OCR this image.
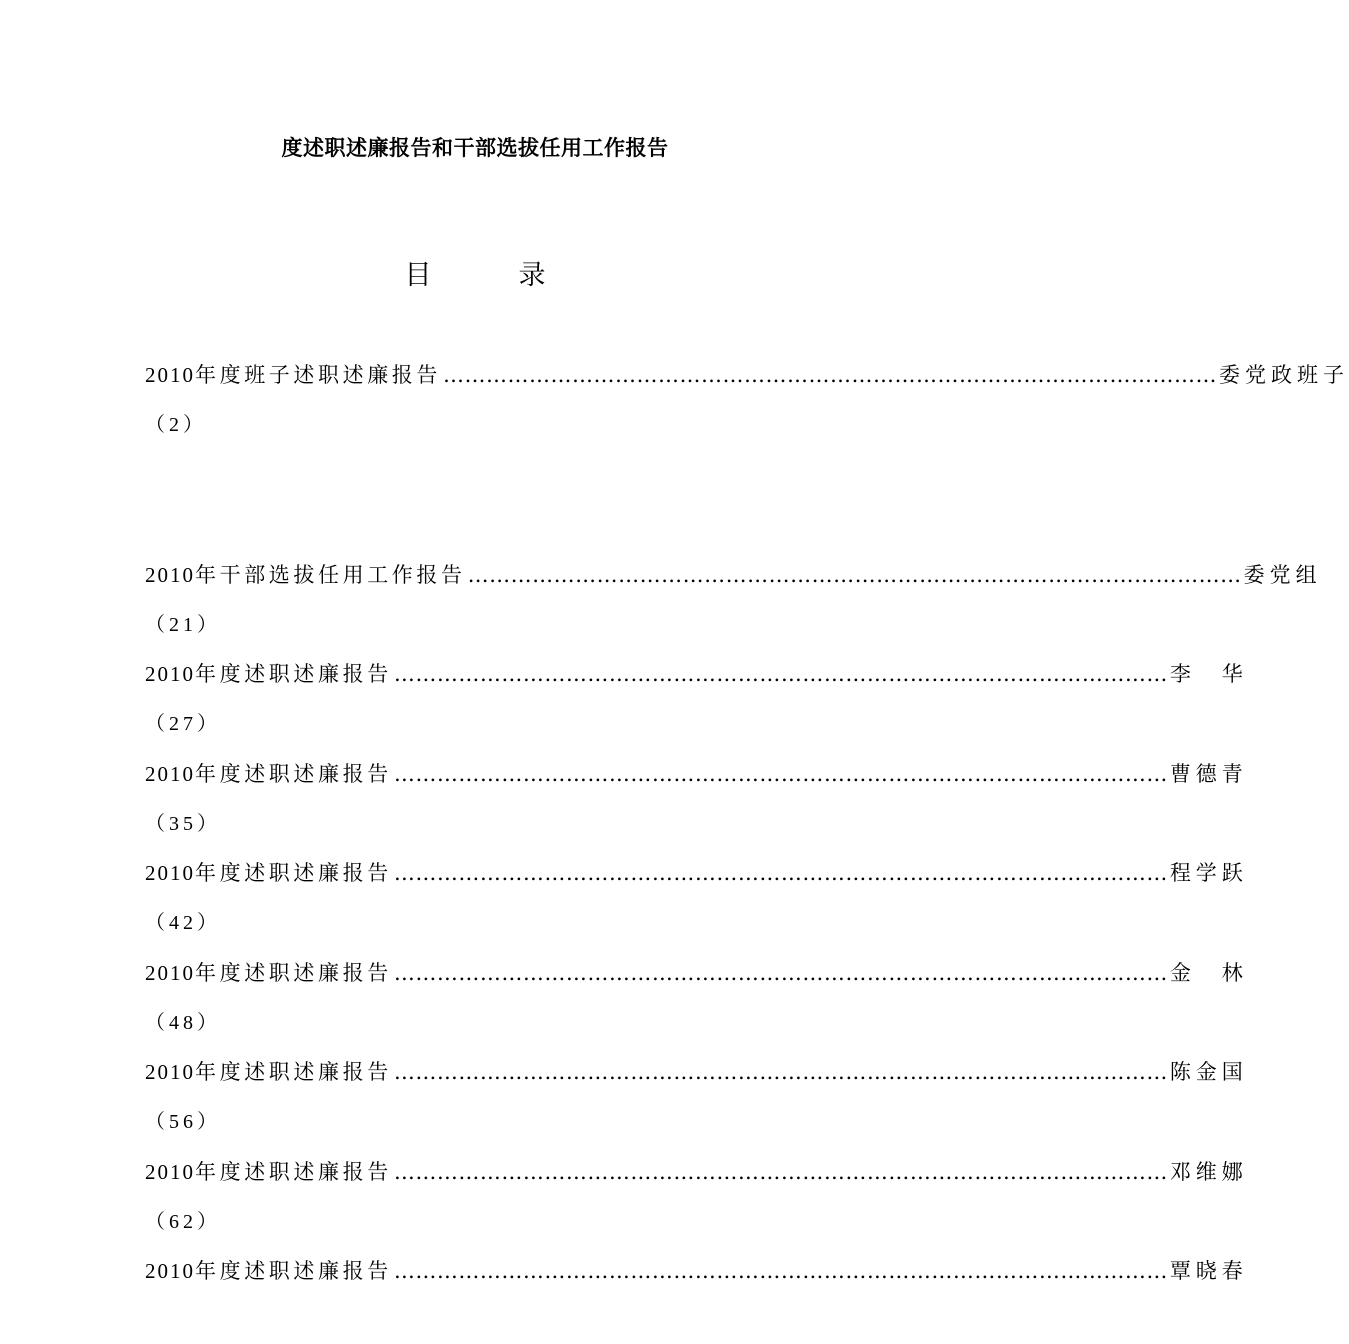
度述职述廉报告和干部选拔任用工作报告
目　录
2010年度班子述职述廉报告 ……………………………………………………………………………………………… 委党政班子
（2）
2010年干部选拔任用工作报告 ……………………………………………………………………………………………… 委党组
（21）
2010年度述职述廉报告 ……………………………………………………………………………………………… 李　华
（27）
2010年度述职述廉报告 ……………………………………………………………………………………………… 曹德青
（35）
2010年度述职述廉报告 ……………………………………………………………………………………………… 程学跃
（42）
2010年度述职述廉报告 ……………………………………………………………………………………………… 金　林
（48）
2010年度述职述廉报告 ……………………………………………………………………………………………… 陈金国
（56）
2010年度述职述廉报告 ……………………………………………………………………………………………… 邓维娜
（62）
2010年度述职述廉报告 ……………………………………………………………………………………………… 覃晓春
